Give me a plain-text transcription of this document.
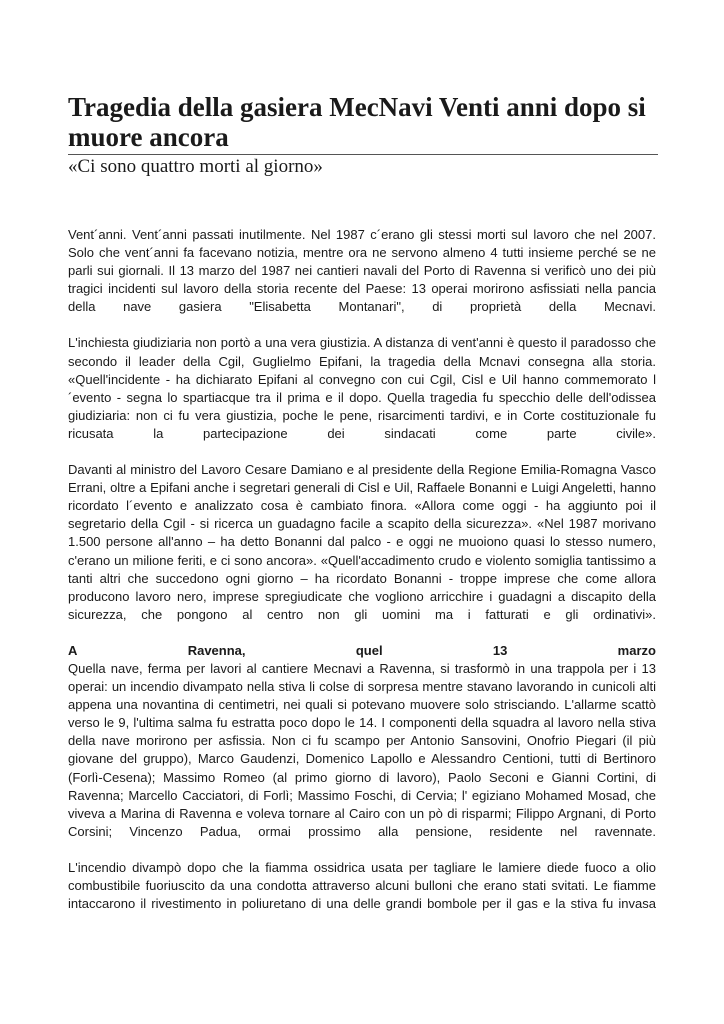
Tragedia della gasiera MecNavi Venti anni dopo si muore ancora
«Ci sono quattro morti al giorno»

Vent´anni. Vent´anni passati inutilmente. Nel 1987 c´erano gli stessi morti sul lavoro che nel 2007. Solo che vent´anni fa facevano notizia, mentre ora ne servono almeno 4 tutti insieme perché se ne parli sui giornali. Il 13 marzo del 1987 nei cantieri navali del Porto di Ravenna si verificò uno dei più tragici incidenti sul lavoro della storia recente del Paese: 13 operai morirono asfissiati nella pancia della nave gasiera "Elisabetta Montanari", di proprietà della Mecnavi.

L'inchiesta giudiziaria non portò a una vera giustizia. A distanza di vent'anni è questo il paradosso che secondo il leader della Cgil, Guglielmo Epifani, la tragedia della Mcnavi consegna alla storia. «Quell'incidente - ha dichiarato Epifani al convegno con cui Cgil, Cisl e Uil hanno commemorato l´evento - segna lo spartiacque tra il prima e il dopo. Quella tragedia fu specchio delle dell'odissea giudiziaria: non ci fu vera giustizia, poche le pene, risarcimenti tardivi, e in Corte costituzionale fu ricusata la partecipazione dei sindacati come parte civile».

Davanti al ministro del Lavoro Cesare Damiano e al presidente della Regione Emilia-Romagna Vasco Errani, oltre a Epifani anche i segretari generali di Cisl e Uil, Raffaele Bonanni e Luigi Angeletti, hanno ricordato l´evento e analizzato cosa è cambiato finora. «Allora come oggi - ha aggiunto poi il segretario della Cgil - si ricerca un guadagno facile a scapito della sicurezza». «Nel 1987 morivano 1.500 persone all'anno – ha detto Bonanni dal palco - e oggi ne muoiono quasi lo stesso numero, c'erano un milione feriti, e ci sono ancora». «Quell'accadimento crudo e violento somiglia tantissimo a tanti altri che succedono ogni giorno – ha ricordato Bonanni - troppe imprese che come allora producono lavoro nero, imprese spregiudicate che vogliono arricchire i guadagni a discapito della sicurezza, che pongono al centro non gli uomini ma i fatturati e gli ordinativi».

A	Ravenna,	quel	13	marzo

Quella nave, ferma per lavori al cantiere Mecnavi a Ravenna, si trasformò in una trappola per i 13 operai: un incendio divampato nella stiva li colse di sorpresa mentre stavano lavorando in cunicoli alti appena una novantina di centimetri, nei quali si potevano muovere solo strisciando. L'allarme scattò verso le 9, l'ultima salma fu estratta poco dopo le 14. I componenti della squadra al lavoro nella stiva della nave morirono per asfissia. Non ci fu scampo per Antonio Sansovini, Onofrio Piegari (il più giovane del gruppo), Marco Gaudenzi, Domenico Lapollo e Alessandro Centioni, tutti di Bertinoro (Forlì-Cesena); Massimo Romeo (al primo giorno di lavoro), Paolo Seconi e Gianni Cortini, di Ravenna; Marcello Cacciatori, di Forlì; Massimo Foschi, di Cervia; l' egiziano Mohamed Mosad, che viveva a Marina di Ravenna e voleva tornare al Cairo con un pò di risparmi; Filippo Argnani, di Porto Corsini; Vincenzo Padua, ormai prossimo alla pensione, residente nel ravennate.

L'incendio divampò dopo che la fiamma ossidrica usata per tagliare le lamiere diede fuoco a olio combustibile fuoriuscito da una condotta attraverso alcuni bulloni che erano stati svitati. Le fiamme intaccarono il rivestimento in poliuretano di una delle grandi bombole per il gas e la stiva fu invasa
